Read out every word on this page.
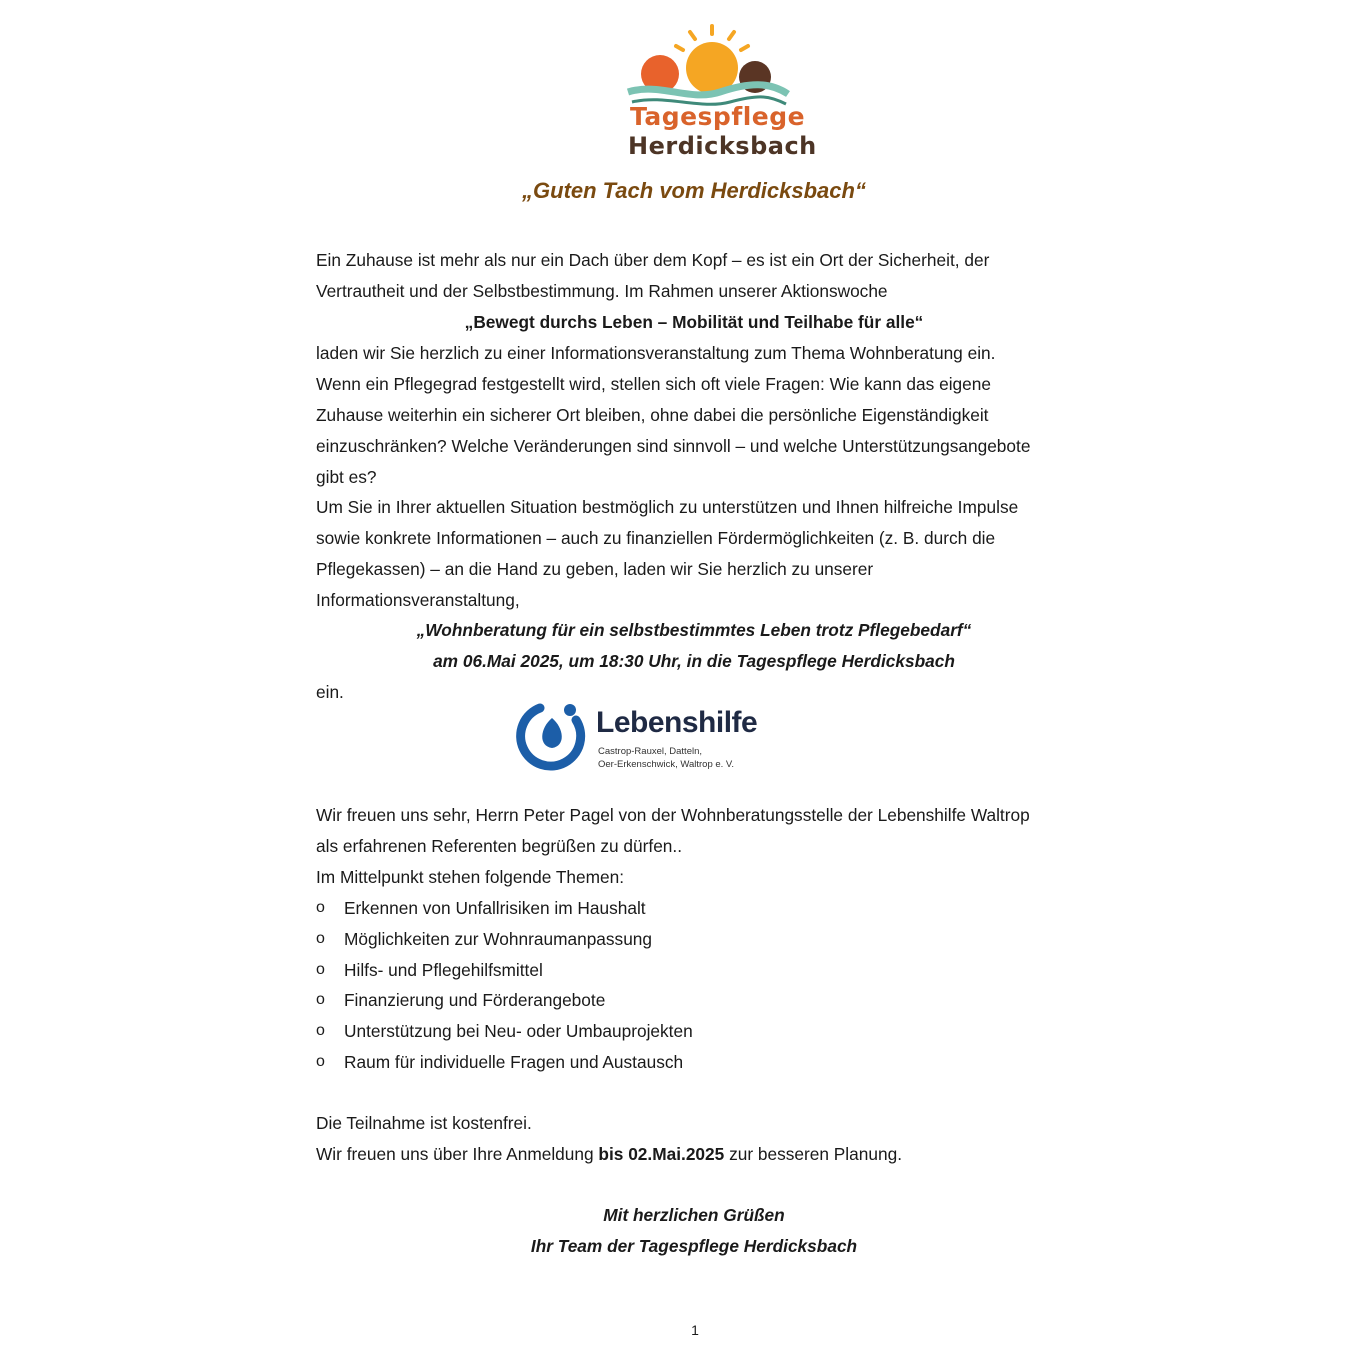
Tagespflege
Herdicksbach
„Guten Tach vom Herdicksbach“
Ein Zuhause ist mehr als nur ein Dach über dem Kopf – es ist ein Ort der Sicherheit, der
Vertrautheit und der Selbstbestimmung. Im Rahmen unserer Aktionswoche
„Bewegt durchs Leben – Mobilität und Teilhabe für alle“
laden wir Sie herzlich zu einer Informationsveranstaltung zum Thema Wohnberatung ein.
Wenn ein Pflegegrad festgestellt wird, stellen sich oft viele Fragen: Wie kann das eigene
Zuhause weiterhin ein sicherer Ort bleiben, ohne dabei die persönliche Eigenständigkeit
einzuschränken? Welche Veränderungen sind sinnvoll – und welche Unterstützungsangebote
gibt es?
Um Sie in Ihrer aktuellen Situation bestmöglich zu unterstützen und Ihnen hilfreiche Impulse
sowie konkrete Informationen – auch zu finanziellen Fördermöglichkeiten (z. B. durch die
Pflegekassen) – an die Hand zu geben, laden wir Sie herzlich zu unserer
Informationsveranstaltung,
„Wohnberatung für ein selbstbestimmtes Leben trotz Pflegebedarf“
am 06.Mai 2025, um 18:30 Uhr, in die Tagespflege Herdicksbach
ein.
Lebenshilfe
Castrop-Rauxel, Datteln,
Oer-Erkenschwick, Waltrop e. V.
Wir freuen uns sehr, Herrn Peter Pagel von der Wohnberatungsstelle der Lebenshilfe Waltrop
als erfahrenen Referenten begrüßen zu dürfen..
Im Mittelpunkt stehen folgende Themen:
o Erkennen von Unfallrisiken im Haushalt
o Möglichkeiten zur Wohnraumanpassung
o Hilfs- und Pflegehilfsmittel
o Finanzierung und Förderangebote
o Unterstützung bei Neu- oder Umbauprojekten
o Raum für individuelle Fragen und Austausch
Die Teilnahme ist kostenfrei.
Wir freuen uns über Ihre Anmeldung bis 02.Mai.2025 zur besseren Planung.
Mit herzlichen Grüßen
Ihr Team der Tagespflege Herdicksbach
1
